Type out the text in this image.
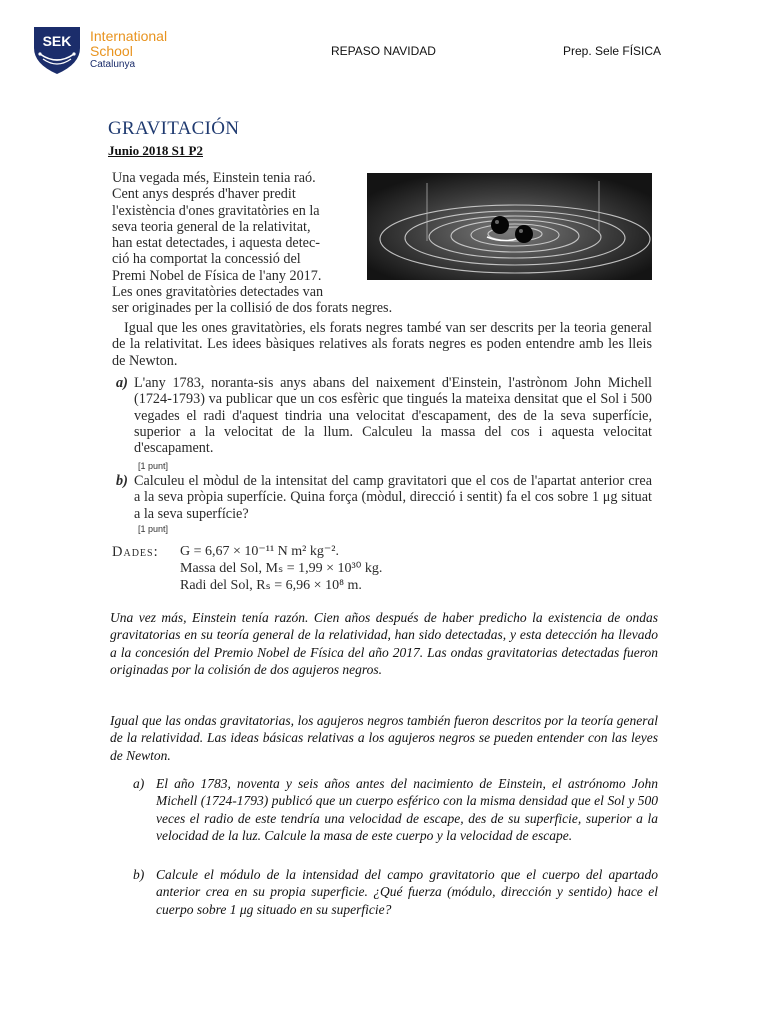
SEK International
School
Catalunya
REPASO NAVIDAD	Prep. Sele FÍSICA
GRAVITACIÓN
Junio 2018 S1 P2
Una vegada més, Einstein tenia raó.
Cent anys després d'haver predit
l'existència d'ones gravitatòries en la
seva teoria general de la relativitat,
han estat detectades, i aquesta detec-
ció ha comportat la concessió del
Premi Nobel de Física de l'any 2017.
Les ones gravitatòries detectades van
ser originades per la collisió de dos forats negres.
Igual que les ones gravitatòries, els forats negres també van ser descrits per la teoria general de la relativitat. Les idees bàsiques relatives als forats negres es poden entendre amb les lleis de Newton.
a) L'any 1783, noranta-sis anys abans del naixement d'Einstein, l'astrònom John Michell (1724-1793) va publicar que un cos esfèric que tingués la mateixa densitat que el Sol i 500 vegades el radi d'aquest tindria una velocitat d'escapament, des de la seva superfície, superior a la velocitat de la llum. Calculeu la massa del cos i aquesta velocitat d'escapament.
[1 punt]
b) Calculeu el mòdul de la intensitat del camp gravitatori que el cos de l'apartat anterior crea a la seva pròpia superfície. Quina força (mòdul, direcció i sentit) fa el cos sobre 1 μg situat a la seva superfície?
[1 punt]
Dades: G = 6,67 × 10⁻¹¹ N m² kg⁻².
Massa del Sol, Mₛ = 1,99 × 10³⁰ kg.
Radi del Sol, Rₛ = 6,96 × 10⁸ m.
Una vez más, Einstein tenía razón. Cien años después de haber predicho la existencia de ondas gravitatorias en su teoría general de la relatividad, han sido detectadas, y esta detección ha llevado a la concesión del Premio Nobel de Física del año 2017. Las ondas gravitatorias detectadas fueron originadas por la colisión de dos agujeros negros.
Igual que las ondas gravitatorias, los agujeros negros también fueron descritos por la teoría general de la relatividad. Las ideas básicas relativas a los agujeros negros se pueden entender con las leyes de Newton.
a) El año 1783, noventa y seis años antes del nacimiento de Einstein, el astrónomo John Michell (1724-1793) publicó que un cuerpo esférico con la misma densidad que el Sol y 500 veces el radio de este tendría una velocidad de escape, des de su superficie, superior a la velocidad de la luz. Calcule la masa de este cuerpo y la velocidad de escape.
b) Calcule el módulo de la intensidad del campo gravitatorio que el cuerpo del apartado anterior crea en su propia superficie. ¿Qué fuerza (módulo, dirección y sentido) hace el cuerpo sobre 1 μg situado en su superficie?
